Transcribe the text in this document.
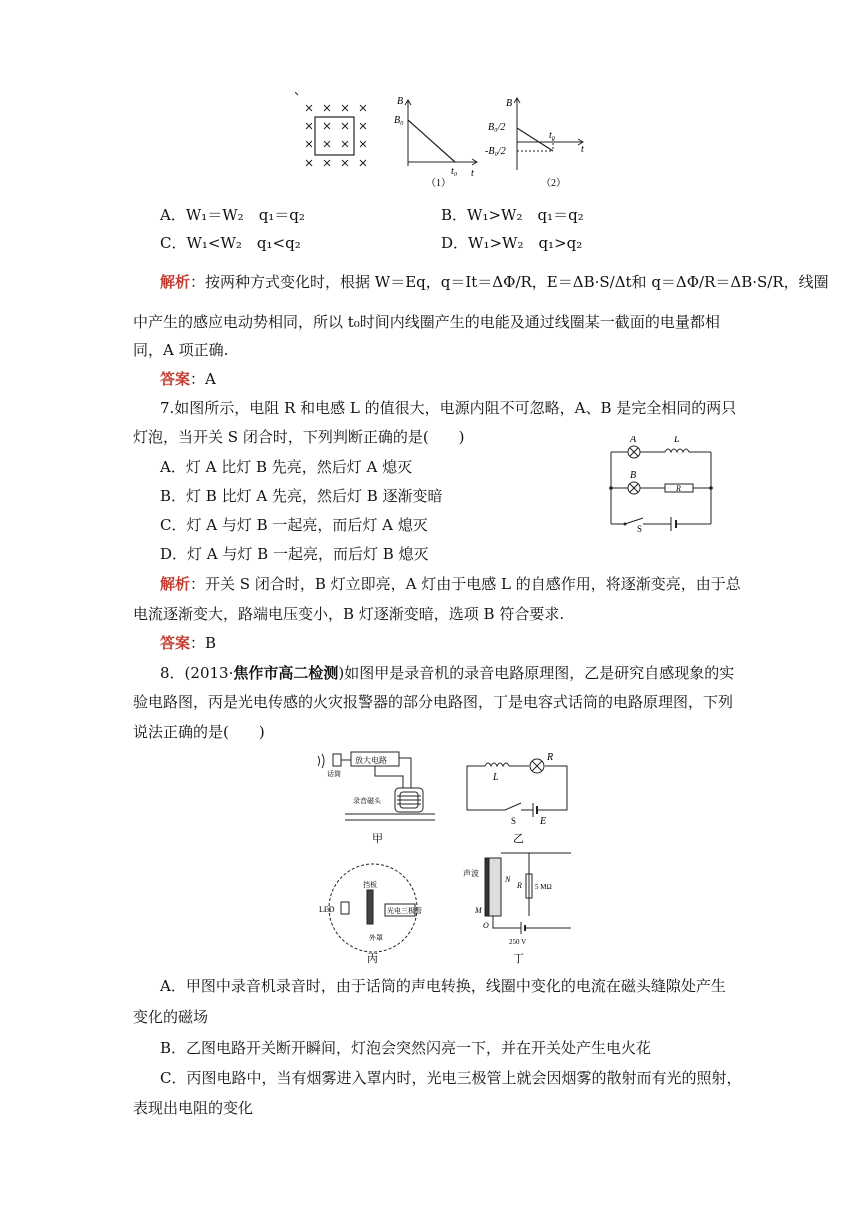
B
B₀
t₀ t
（1）
B
B₀/2
t₀
t
-B₀/2
（2）
A．W₁＝W₂　q₁＝q₂	B．W₁>W₂　q₁＝q₂
C．W₁<W₂　q₁<q₂	D．W₁>W₂　q₁>q₂
解析：按两种方式变化时，根据 W＝Eq，q＝It＝ΔΦ/R，E＝ΔB·S/Δt和 q＝ΔΦ/R＝ΔB·S/R，线圈
中产生的感应电动势相同，所以 t₀时间内线圈产生的电能及通过线圈某一截面的电量都相
同，A 项正确.
答案：A
7.如图所示，电阻 R 和电感 L 的值很大，电源内阻不可忽略，A、B 是完全相同的两只
灯泡，当开关 S 闭合时，下列判断正确的是(　　)
A．灯 A 比灯 B 先亮，然后灯 A 熄灭
B．灯 B 比灯 A 先亮，然后灯 B 逐渐变暗
C．灯 A 与灯 B 一起亮，而后灯 A 熄灭
D．灯 A 与灯 B 一起亮，而后灯 B 熄灭
A	L
B
R
S
解析：开关 S 闭合时，B 灯立即亮，A 灯由于电感 L 的自感作用，将逐渐变亮，由于总
电流逐渐变大，路端电压变小，B 灯逐渐变暗，选项 B 符合要求.
答案：B
8．(2013·焦作市高二检测)如图甲是录音机的录音电路原理图，乙是研究自感现象的实
验电路图，丙是光电传感的火灾报警器的部分电路图，丁是电容式话筒的电路原理图，下列
说法正确的是(　　)
放大电路
话筒
录音磁头
甲
R
L
S E
乙
LED
挡板
光电三极管
外罩
丙
声波
N
M
O
R 5 MΩ
250 V
丁
A．甲图中录音机录音时，由于话筒的声电转换，线圈中变化的电流在磁头缝隙处产生
变化的磁场
B．乙图电路开关断开瞬间，灯泡会突然闪亮一下，并在开关处产生电火花
C．丙图电路中，当有烟雾进入罩内时，光电三极管上就会因烟雾的散射而有光的照射，
表现出电阻的变化
